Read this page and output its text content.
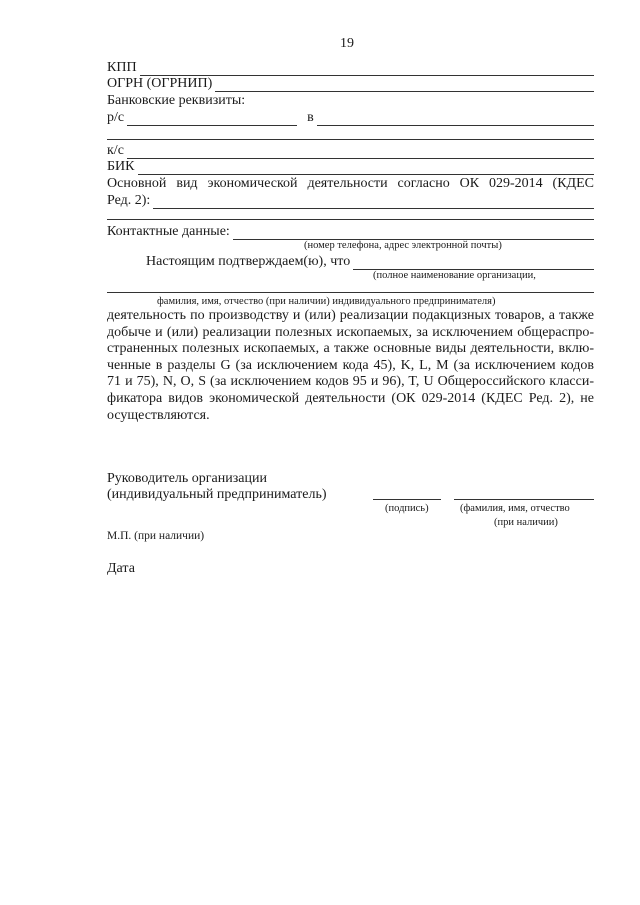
19
КПП
ОГРН (ОГРНИП)
Банковские реквизиты:
р/с	в
к/с
БИК
Основной вид экономической деятельности согласно ОК 029-2014 (КДЕС
Ред. 2):
Контактные данные:
(номер телефона, адрес электронной почты)
Настоящим подтверждаем(ю), что
(полное наименование организации,
фамилия, имя, отчество (при наличии) индивидуального предпринимателя)
деятельность по производству и (или) реализации подакцизных товаров, а также
добыче и (или) реализации полезных ископаемых, за исключением общераспро-
страненных полезных ископаемых, а также основные виды деятельности, вклю-
ченные в разделы G (за исключением кода 45), K, L, M (за исключением кодов
71 и 75), N, O, S (за исключением кодов 95 и 96), T, U Общероссийского класси-
фикатора видов экономической деятельности (ОК 029-2014 (КДЕС Ред. 2), не
осуществляются.
Руководитель организации
(индивидуальный предприниматель)
(подпись)	(фамилия, имя, отчество
(при наличии)
М.П. (при наличии)
Дата
